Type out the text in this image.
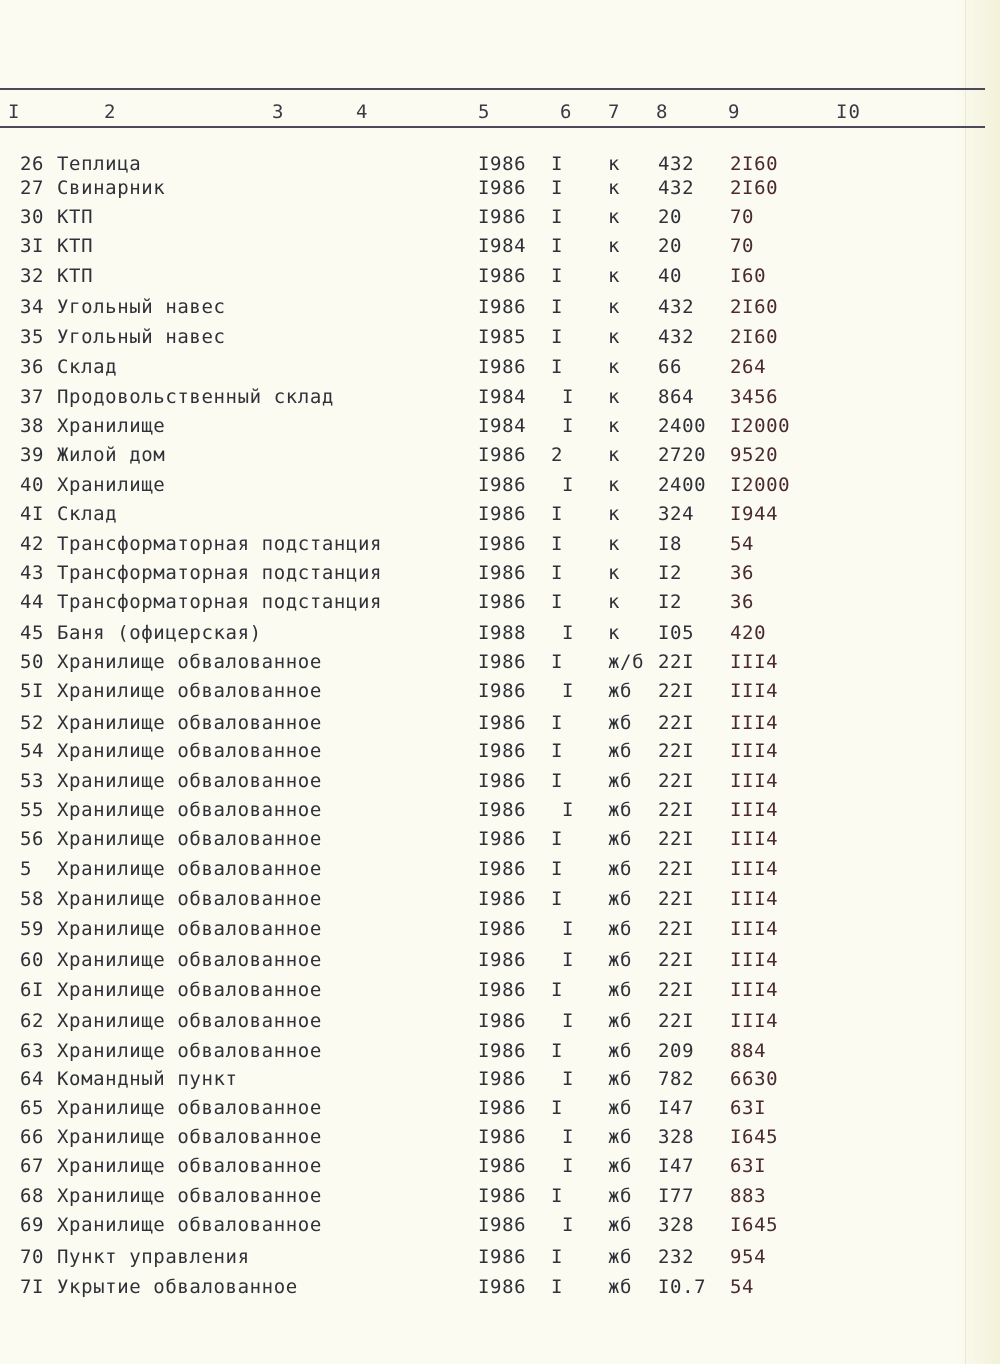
I	2	3	4	5	6 7 8	9	I0
26 Теплица	I986 I к 432 2I60
27 Свинарник	I986 I к 432 2I60
30 КТП	I986 I к 20	70
3I КТП	I984 I к 20	70
32 КТП	I986 I к 40	I60
34 Угольный навес	I986 I к 432 2I60
35 Угольный навес	I985 I к 432 2I60
36 Склад	I986 I к 66	264
37 Продовольственный склад	I984 I к 864 3456
38 Хранилище	I984 I к 2400 I2000
39 Жилой дом	I986 2 к 2720 9520
40 Хранилище	I986 I к 2400 I2000
4I Склад	I986 I к 324 I944
42 Трансформаторная подстанция	I986 I к I8	54
43 Трансформаторная подстанция	I986 I к I2	36
44 Трансформаторная подстанция	I986 I к I2	36
45 Баня (офицерская)	I988 I к I05 420
50 Хранилище обвалованное	I986 I ж/б 22I III4
5I Хранилище обвалованное	I986 I жб 22I III4
52 Хранилище обвалованное	I986 I жб 22I III4
54 Хранилище обвалованное	I986 I жб 22I III4
53 Хранилище обвалованное	I986 I жб 22I III4
55 Хранилище обвалованное	I986 I жб 22I III4
56 Хранилище обвалованное	I986 I жб 22I III4
5	Хранилище обвалованное	I986 I жб 22I III4
58 Хранилище обвалованное	I986 I жб 22I III4
59 Хранилище обвалованное	I986 I жб 22I III4
60 Хранилище обвалованное	I986 I жб 22I III4
6I Хранилище обвалованное	I986 I жб 22I III4
62 Хранилище обвалованное	I986 I жб 22I III4
63 Хранилище обвалованное	I986 I жб 209 884
64 Командный пункт	I986 I жб 782 6630
65 Хранилище обвалованное	I986 I жб I47 63I
66 Хранилище обвалованное	I986 I жб 328 I645
67 Хранилище обвалованное	I986 I жб I47 63I
68 Хранилище обвалованное	I986 I жб I77 883
69 Хранилище обвалованное	I986 I жб 328 I645
70 Пункт управления	I986 I жб 232 954
7I Укрытие обвалованное	I986 I жб I0.7 54
